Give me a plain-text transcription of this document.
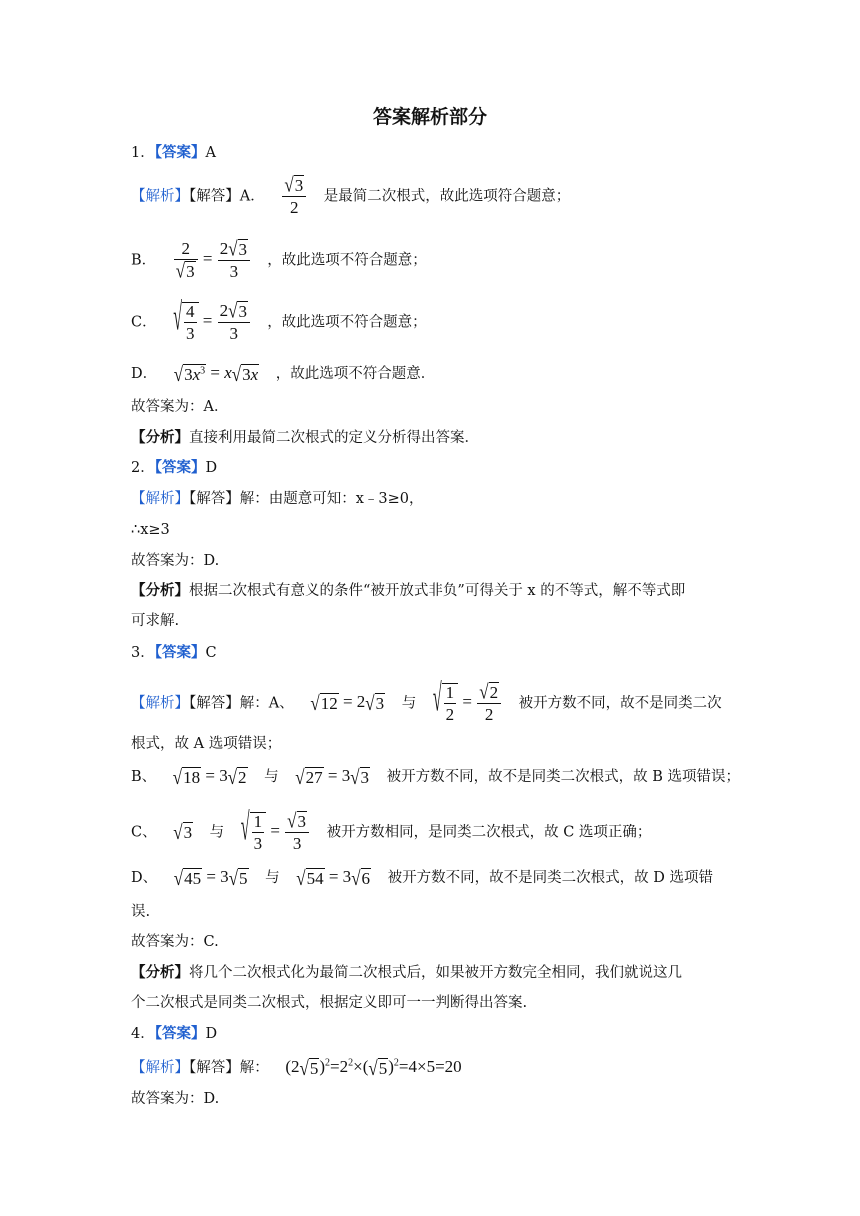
答案解析部分
1．【答案】A
【解析】【解答】A． $\frac{√3}{2}$ 是最简二次根式，故此选项符合题意；
B． $\frac{2}{√3} = \frac{2√3}{3}$ ，故此选项不符合题意；
C． √ $\frac{4}{3} = \frac{2√3}{3}$ ，故此选项不符合题意；
D． $√3x^3 = x√3x$ ，故此选项不符合题意．
故答案为：A．
【分析】直接利用最简二次根式的定义分析得出答案．
2．【答案】D
【解析】【解答】解：由题意可知：x﹣3≥0，
∴x≥3
故答案为：D.
【分析】根据二次根式有意义的条件“被开放式非负”可得关于 x 的不等式，解不等式即
可求解.
3．【答案】C
【解析】【解答】解：A、 √12 = 2√3 与 √ $\frac{1}{2} = \frac{√2}{2}$ 被开方数不同，故不是同类二次
根式，故 A 选项错误；
B、 √18 = 3√2 与 √27 = 3√3 被开方数不同，故不是同类二次根式，故 B 选项错误；
C、 √3 与 √ $\frac{1}{3} = \frac{√3}{3}$ 被开方数相同，是同类二次根式，故 C 选项正确；
D、 √45 = 3√5 与 √54 = 3√6 被开方数不同，故不是同类二次根式，故 D 选项错
误.
故答案为：C.
【分析】将几个二次根式化为最简二次根式后，如果被开方数完全相同，我们就说这几
个二次根式是同类二次根式，根据定义即可一一判断得出答案.
4．【答案】D
【解析】【解答】解： $(2√5)^2=2^2\times(√5)^2=4\times 5=20$
故答案为：D.
